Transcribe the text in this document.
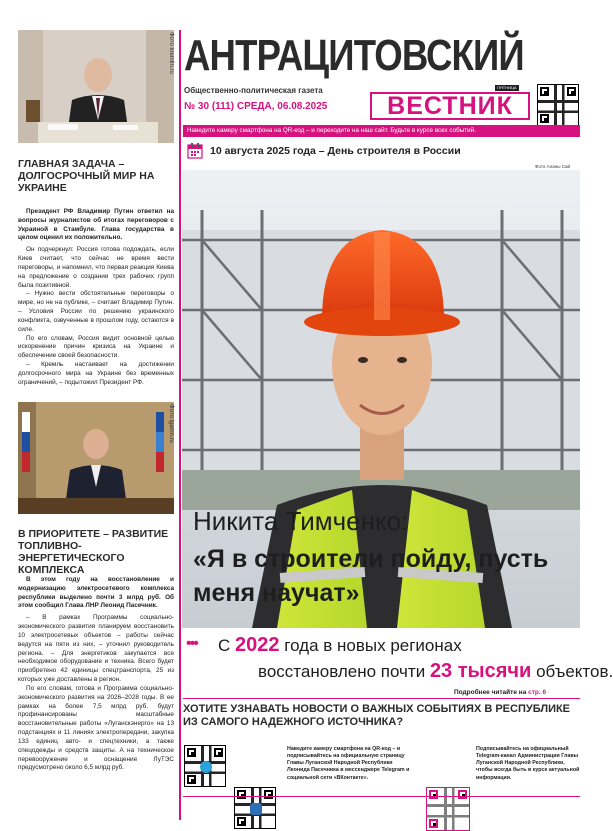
Фото kremlin.ru
ГЛАВНАЯ ЗАДАЧА – ДОЛГОСРОЧНЫЙ МИР НА УКРАИНЕ

Президент РФ Владимир Путин ответил на вопросы журналистов об итогах переговоров с Украиной в Стамбуле. Глава государства в целом оценил их положительно.

Он подчеркнул: Россия готова подождать, если Киев считает, что сейчас не время вести переговоры, и напомнил, что первая реакция Киева на предложение о создании трех рабочих групп была позитивной.

– Нужно вести обстоятельные переговоры о мире, но не на публике, – считает Владимир Путин. – Условия России по решению украинского конфликта, озвученные в прошлом году, остаются в силе.

По его словам, Россия видит основной целью искоренение причин кризиса на Украине и обеспечение своей безопасности.

– Кремль настаивает на достижении долгосрочного мира на Украине без временных ограничений, – подытожил Президент РФ.

Фото lgamn.ru
В ПРИОРИТЕТЕ – РАЗВИТИЕ ТОПЛИВНО-ЭНЕРГЕТИЧЕСКОГО КОМПЛЕКСА

В этом году на восстановление и модернизацию электросетевого комплекса республики выделено почти 3 млрд руб. Об этом сообщил Глава ЛНР Леонид Пасечник.

– В рамках Программы социально-экономического развития планируем восстановить 10 электросетевых объектов – работы сейчас ведутся на пяти из них, – уточнил руководитель региона. – Для энергетиков закупается все необходимое оборудование и техника. Всего будет приобретено 42 единицы спецтранспорта, 25 из которых уже доставлены в регион.

По его словам, готова и Программа социально-экономического развития на 2026–2028 годы. В ее рамках на более 7,5 млрд руб. будут профинансированы масштабные восстановительные работы «Луганскэнерго» на 13 подстанциях и 11 линиях электропередачи, закупка 133 единиц авто- и спецтехники, а также спецодежды и средств защиты. А на техническое перевооружение и оснащение ЛуТЭС предусмотрено около 6,5 млрд руб.

АНТРАЦИТОВСКИЙ
Общественно-политическая газета
№ 30 (111) СРЕДА, 06.08.2025
ПЯТНИЦА
ВЕСТНИК
Наведите камеру смартфона на QR-код – и переходите на наш сайт. Будьте в курсе всех событий.
10 августа 2025 года – День строителя в России
Фото Аланы Сай
Никита Тимченко:
«Я в строители пойду, пусть меня научат»
••• С 2022 года в новых регионах
восстановлено почти 23 тысячи объектов.
Подробнее читайте на стр. 6
ХОТИТЕ УЗНАВАТЬ НОВОСТИ О ВАЖНЫХ СОБЫТИЯХ В РЕСПУБЛИКЕ ИЗ САМОГО НАДЕЖНОГО ИСТОЧНИКА?
Наведите камеру смартфона на QR-код – и подписывайтесь на официальную страницу Главы Луганской Народной Республики Леонида Пасечника в мессенджере Telegram и социальной сети «ВКонтакте».
Подписывайтесь на официальный Telegram-канал Администрации Главы Луганской Народной Республики, чтобы всегда быть в курсе актуальной информации.
